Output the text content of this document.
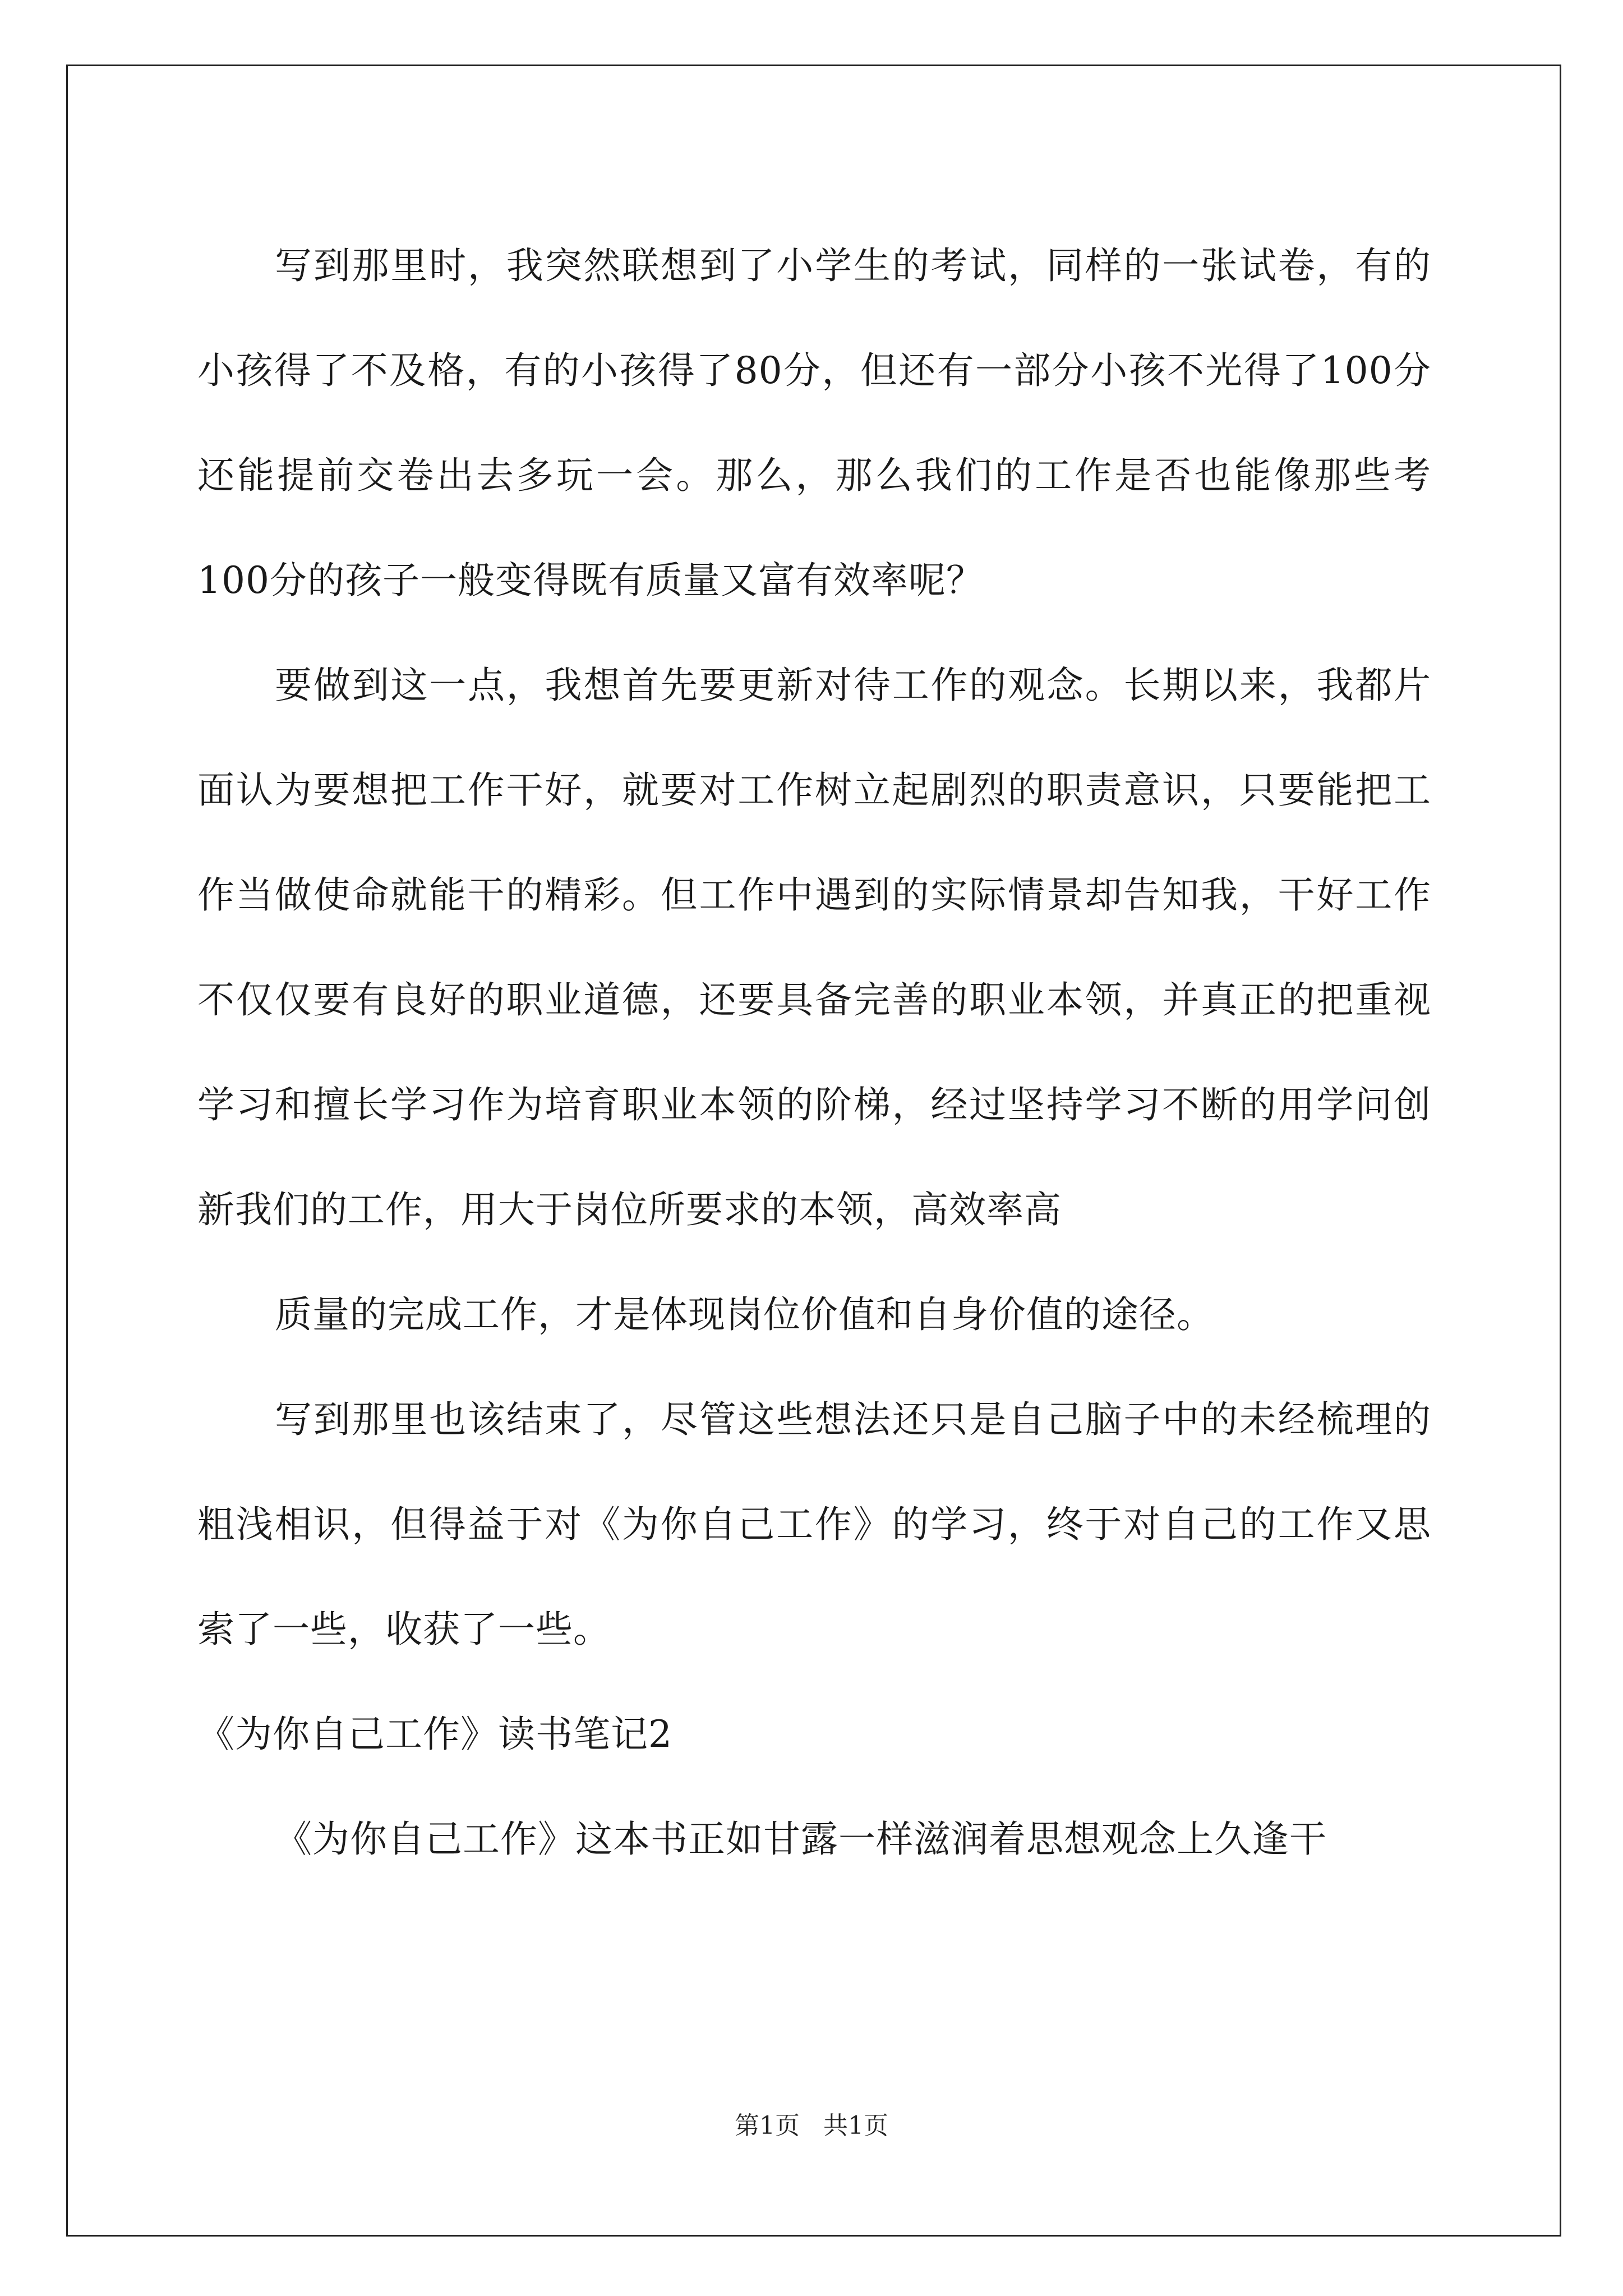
写到那里时，我突然联想到了小学生的考试，同样的一张试卷，有的小孩得了不及格，有的小孩得了80分，但还有一部分小孩不光得了100分还能提前交卷出去多玩一会。那么，那么我们的工作是否也能像那些考100分的孩子一般变得既有质量又富有效率呢？

要做到这一点，我想首先要更新对待工作的观念。长期以来，我都片面认为要想把工作干好，就要对工作树立起剧烈的职责意识，只要能把工作当做使命就能干的精彩。但工作中遇到的实际情景却告知我，干好工作不仅仅要有良好的职业道德，还要具备完善的职业本领，并真正的把重视学习和擅长学习作为培育职业本领的阶梯，经过坚持学习不断的用学问创新我们的工作，用大于岗位所要求的本领，高效率高

质量的完成工作，才是体现岗位价值和自身价值的途径。

写到那里也该结束了，尽管这些想法还只是自己脑子中的未经梳理的粗浅相识，但得益于对《为你自己工作》的学习，终于对自己的工作又思索了一些，收获了一些。

《为你自己工作》读书笔记2

《为你自己工作》这本书正如甘露一样滋润着思想观念上久逢干

第1页 共1页
